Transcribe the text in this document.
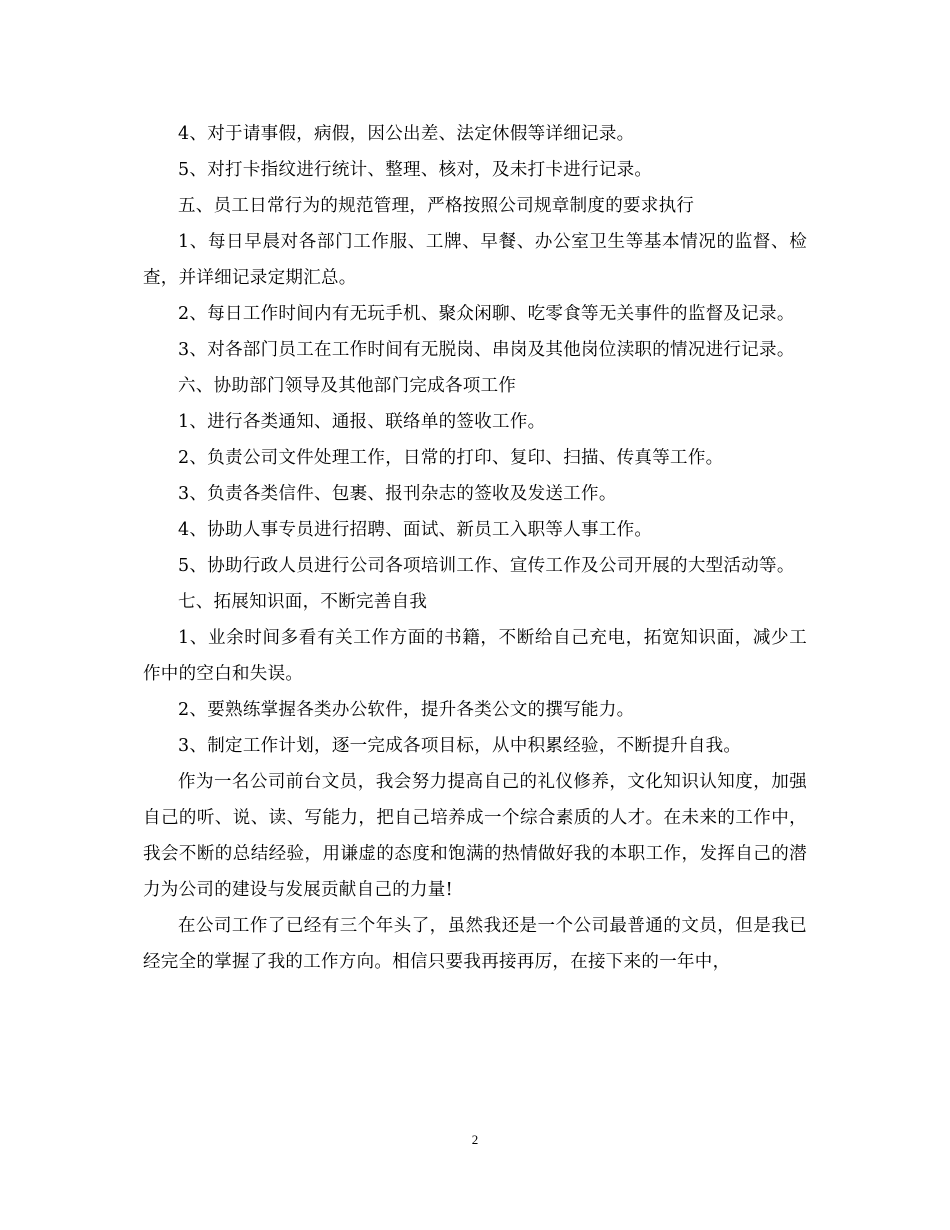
4、对于请事假，病假，因公出差、法定休假等详细记录。

5、对打卡指纹进行统计、整理、核对，及未打卡进行记录。

五、员工日常行为的规范管理，严格按照公司规章制度的要求执行

1、每日早晨对各部门工作服、工牌、早餐、办公室卫生等基本情况的监督、检查，并详细记录定期汇总。

2、每日工作时间内有无玩手机、聚众闲聊、吃零食等无关事件的监督及记录。

3、对各部门员工在工作时间有无脱岗、串岗及其他岗位渎职的情况进行记录。

六、协助部门领导及其他部门完成各项工作

1、进行各类通知、通报、联络单的签收工作。

2、负责公司文件处理工作，日常的打印、复印、扫描、传真等工作。

3、负责各类信件、包裹、报刊杂志的签收及发送工作。

4、协助人事专员进行招聘、面试、新员工入职等人事工作。

5、协助行政人员进行公司各项培训工作、宣传工作及公司开展的大型活动等。

七、拓展知识面，不断完善自我

1、业余时间多看有关工作方面的书籍，不断给自己充电，拓宽知识面，减少工作中的空白和失误。

2、要熟练掌握各类办公软件，提升各类公文的撰写能力。

3、制定工作计划，逐一完成各项目标，从中积累经验，不断提升自我。

作为一名公司前台文员，我会努力提高自己的礼仪修养，文化知识认知度，加强自己的听、说、读、写能力，把自己培养成一个综合素质的人才。在未来的工作中，我会不断的总结经验，用谦虚的态度和饱满的热情做好我的本职工作，发挥自己的潜力为公司的建设与发展贡献自己的力量!

在公司工作了已经有三个年头了，虽然我还是一个公司最普通的文员，但是我已经完全的掌握了我的工作方向。相信只要我再接再厉，在接下来的一年中，

2
